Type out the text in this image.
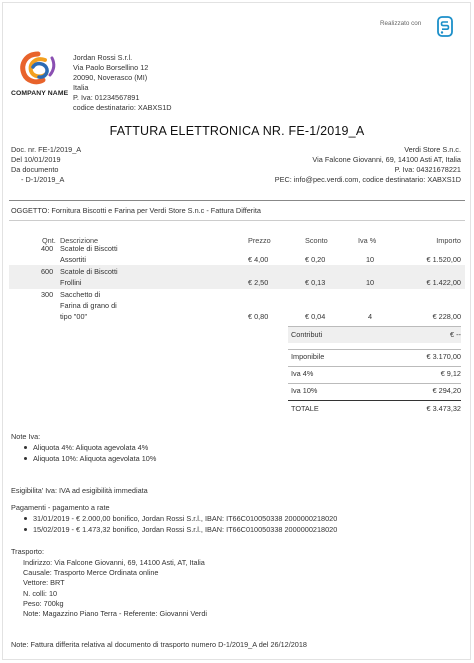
Realizzato con
COMPANY NAME
Jordan Rossi S.r.l.
Via Paolo Borsellino 12
20090, Noverasco (MI)
Italia
P. Iva: 01234567891
codice destinatario: XABXS1D
FATTURA ELETTRONICA NR. FE-1/2019_A
Doc. nr. FE-1/2019_A
Del 10/01/2019
Da documento
- D-1/2019_A
Verdi Store S.n.c.
Via Falcone Giovanni, 69, 14100 Asti AT, Italia
P. Iva: 04321678221
PEC: info@pec.verdi.com, codice destinatario: XABXS1D
OGGETTO: Fornitura Biscotti e Farina per Verdi Store S.n.c - Fattura Differita
Qnt. Descrizione	Prezzo	Sconto	Iva %	Importo
400 Scatole di Biscotti
Assortiti	€ 4,00	€ 0,20	10	€ 1.520,00
600 Scatole di Biscotti
Frollini	€ 2,50	€ 0,13	10	€ 1.422,00
300 Sacchetto di
Farina di grano di
tipo "00"	€ 0,80	€ 0,04	4	€ 228,00
Contributi	€ --
Imponibile	€ 3.170,00
Iva 4%	€ 9,12
Iva 10%	€ 294,20
TOTALE	€ 3.473,32
Note Iva:
Aliquota 4%: Aliquota agevolata 4%
Aliquota 10%: Aliquota agevolata 10%
Esigibilita' Iva: IVA ad esigibilità immediata
Pagamenti - pagamento a rate
31/01/2019 - € 2.000,00 bonifico, Jordan Rossi S.r.l., IBAN: IT66C010050338 2000000218020
15/02/2019 - € 1.473,32 bonifico, Jordan Rossi S.r.l., IBAN: IT66C010050338 2000000218020
Trasporto:
Indirizzo: Via Falcone Giovanni, 69, 14100 Asti, AT, Italia
Causale: Trasporto Merce Ordinata online
Vettore: BRT
N. colli: 10
Peso: 700kg
Note: Magazzino Piano Terra - Referente: Giovanni Verdi
Note: Fattura differita relativa al documento di trasporto numero D-1/2019_A del 26/12/2018
